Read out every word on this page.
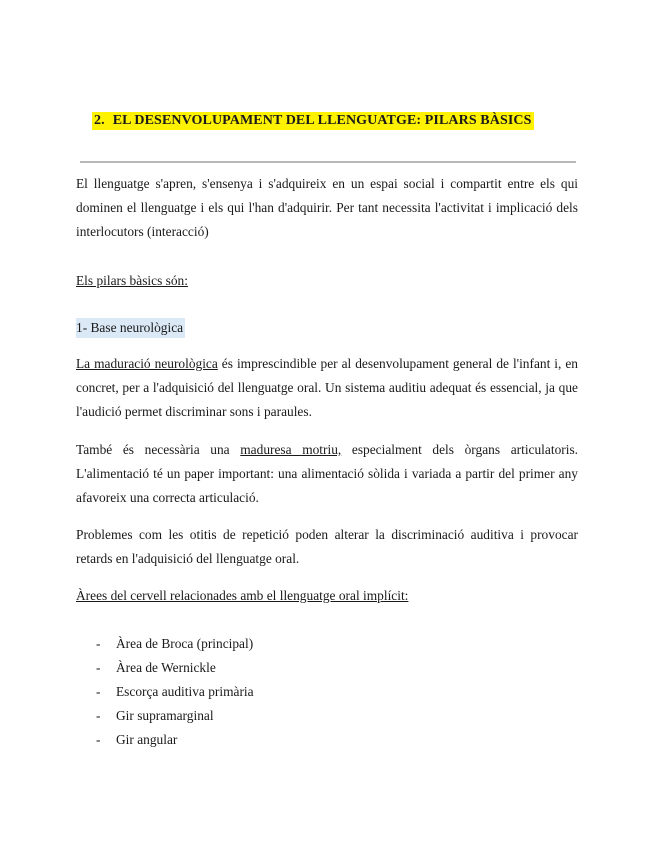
2. EL DESENVOLUPAMENT DEL LLENGUATGE: PILARS BÀSICS

El llenguatge s'apren, s'ensenya i s'adquireix en un espai social i compartit entre els qui dominen el llenguatge i els qui l'han d'adquirir. Per tant necessita l'activitat i implicació dels interlocutors (interacció)

Els pilars bàsics són:

1- Base neurològica

La maduració neurològica és imprescindible per al desenvolupament general de l'infant i, en concret, per a l'adquisició del llenguatge oral. Un sistema auditiu adequat és essencial, ja que l'audició permet discriminar sons i paraules.

També és necessària una maduresa motriu, especialment dels òrgans articulatoris. L'alimentació té un paper important: una alimentació sòlida i variada a partir del primer any afavoreix una correcta articulació.

Problemes com les otitis de repetició poden alterar la discriminació auditiva i provocar retards en l'adquisició del llenguatge oral.

Àrees del cervell relacionades amb el llenguatge oral implícit:

-	Àrea de Broca (principal)
-	Àrea de Wernickle
-	Escorça auditiva primària
-	Gir supramarginal
-	Gir angular
